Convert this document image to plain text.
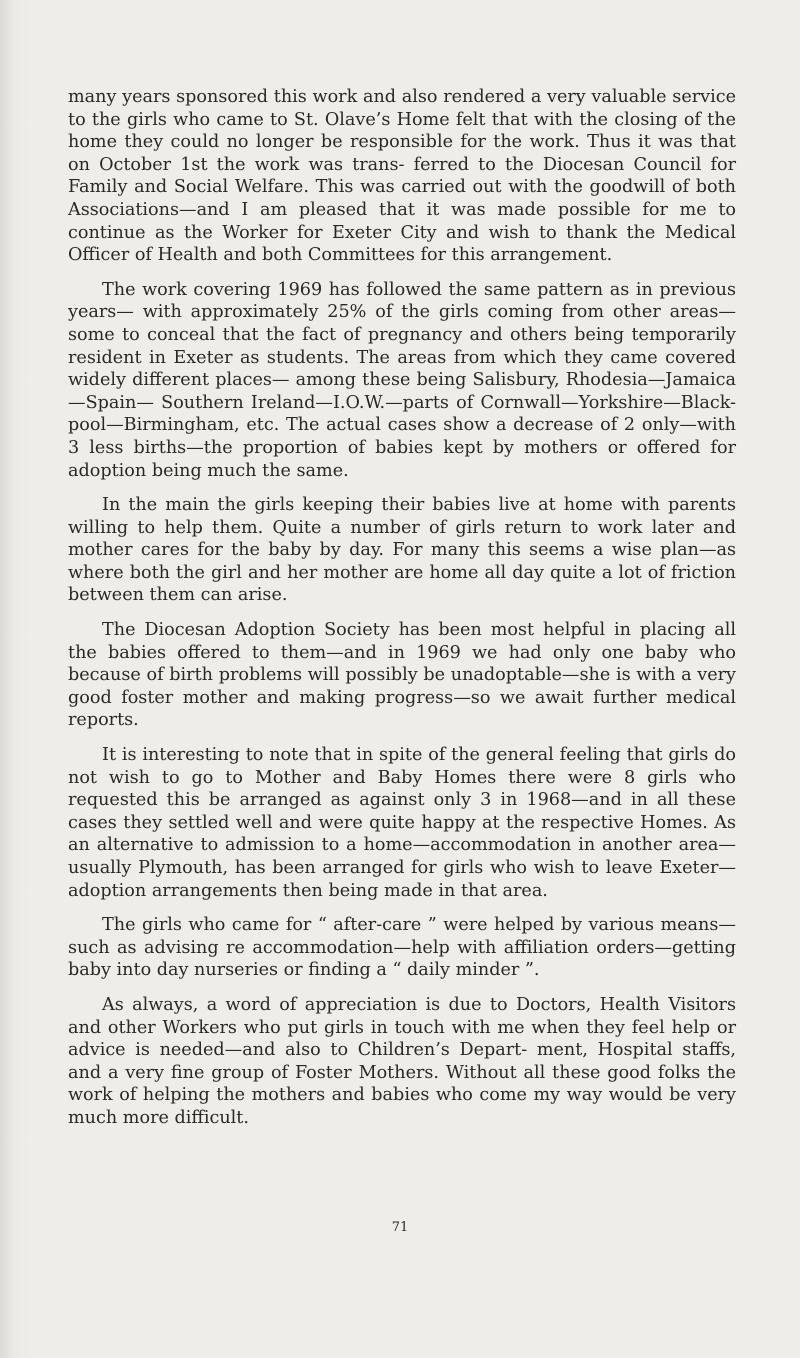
many years sponsored this work and also rendered a very valuable service to the girls who came to St. Olave’s Home felt that with the closing of the home they could no longer be responsible for the work. Thus it was that on October 1st the work was trans- ferred to the Diocesan Council for Family and Social Welfare. This was carried out with the goodwill of both Associations—and I am pleased that it was made possible for me to continue as the Worker for Exeter City and wish to thank the Medical Officer of Health and both Committees for this arrangement.

The work covering 1969 has followed the same pattern as in previous years— with approximately 25% of the girls coming from other areas—some to conceal that the fact of pregnancy and others being temporarily resident in Exeter as students. The areas from which they came covered widely different places— among these being Salisbury, Rhodesia—Jamaica—Spain— Southern Ireland—I.O.W.—parts of Cornwall—Yorkshire—Black- pool—Birmingham, etc. The actual cases show a decrease of 2 only—with 3 less births—the proportion of babies kept by mothers or offered for adoption being much the same.

In the main the girls keeping their babies live at home with parents willing to help them. Quite a number of girls return to work later and mother cares for the baby by day. For many this seems a wise plan—as where both the girl and her mother are home all day quite a lot of friction between them can arise.

The Diocesan Adoption Society has been most helpful in placing all the babies offered to them—and in 1969 we had only one baby who because of birth problems will possibly be unadoptable—she is with a very good foster mother and making progress—so we await further medical reports.

It is interesting to note that in spite of the general feeling that girls do not wish to go to Mother and Baby Homes there were 8 girls who requested this be arranged as against only 3 in 1968—and in all these cases they settled well and were quite happy at the respective Homes. As an alternative to admission to a home—accommodation in another area— usually Plymouth, has been arranged for girls who wish to leave Exeter—adoption arrangements then being made in that area.

The girls who came for “ after-care ” were helped by various means—such as advising re accommodation—help with affiliation orders—getting baby into day nurseries or finding a “ daily minder ”.

As always, a word of appreciation is due to Doctors, Health Visitors and other Workers who put girls in touch with me when they feel help or advice is needed—and also to Children’s Depart- ment, Hospital staffs, and a very fine group of Foster Mothers. Without all these good folks the work of helping the mothers and babies who come my way would be very much more difficult.

71
